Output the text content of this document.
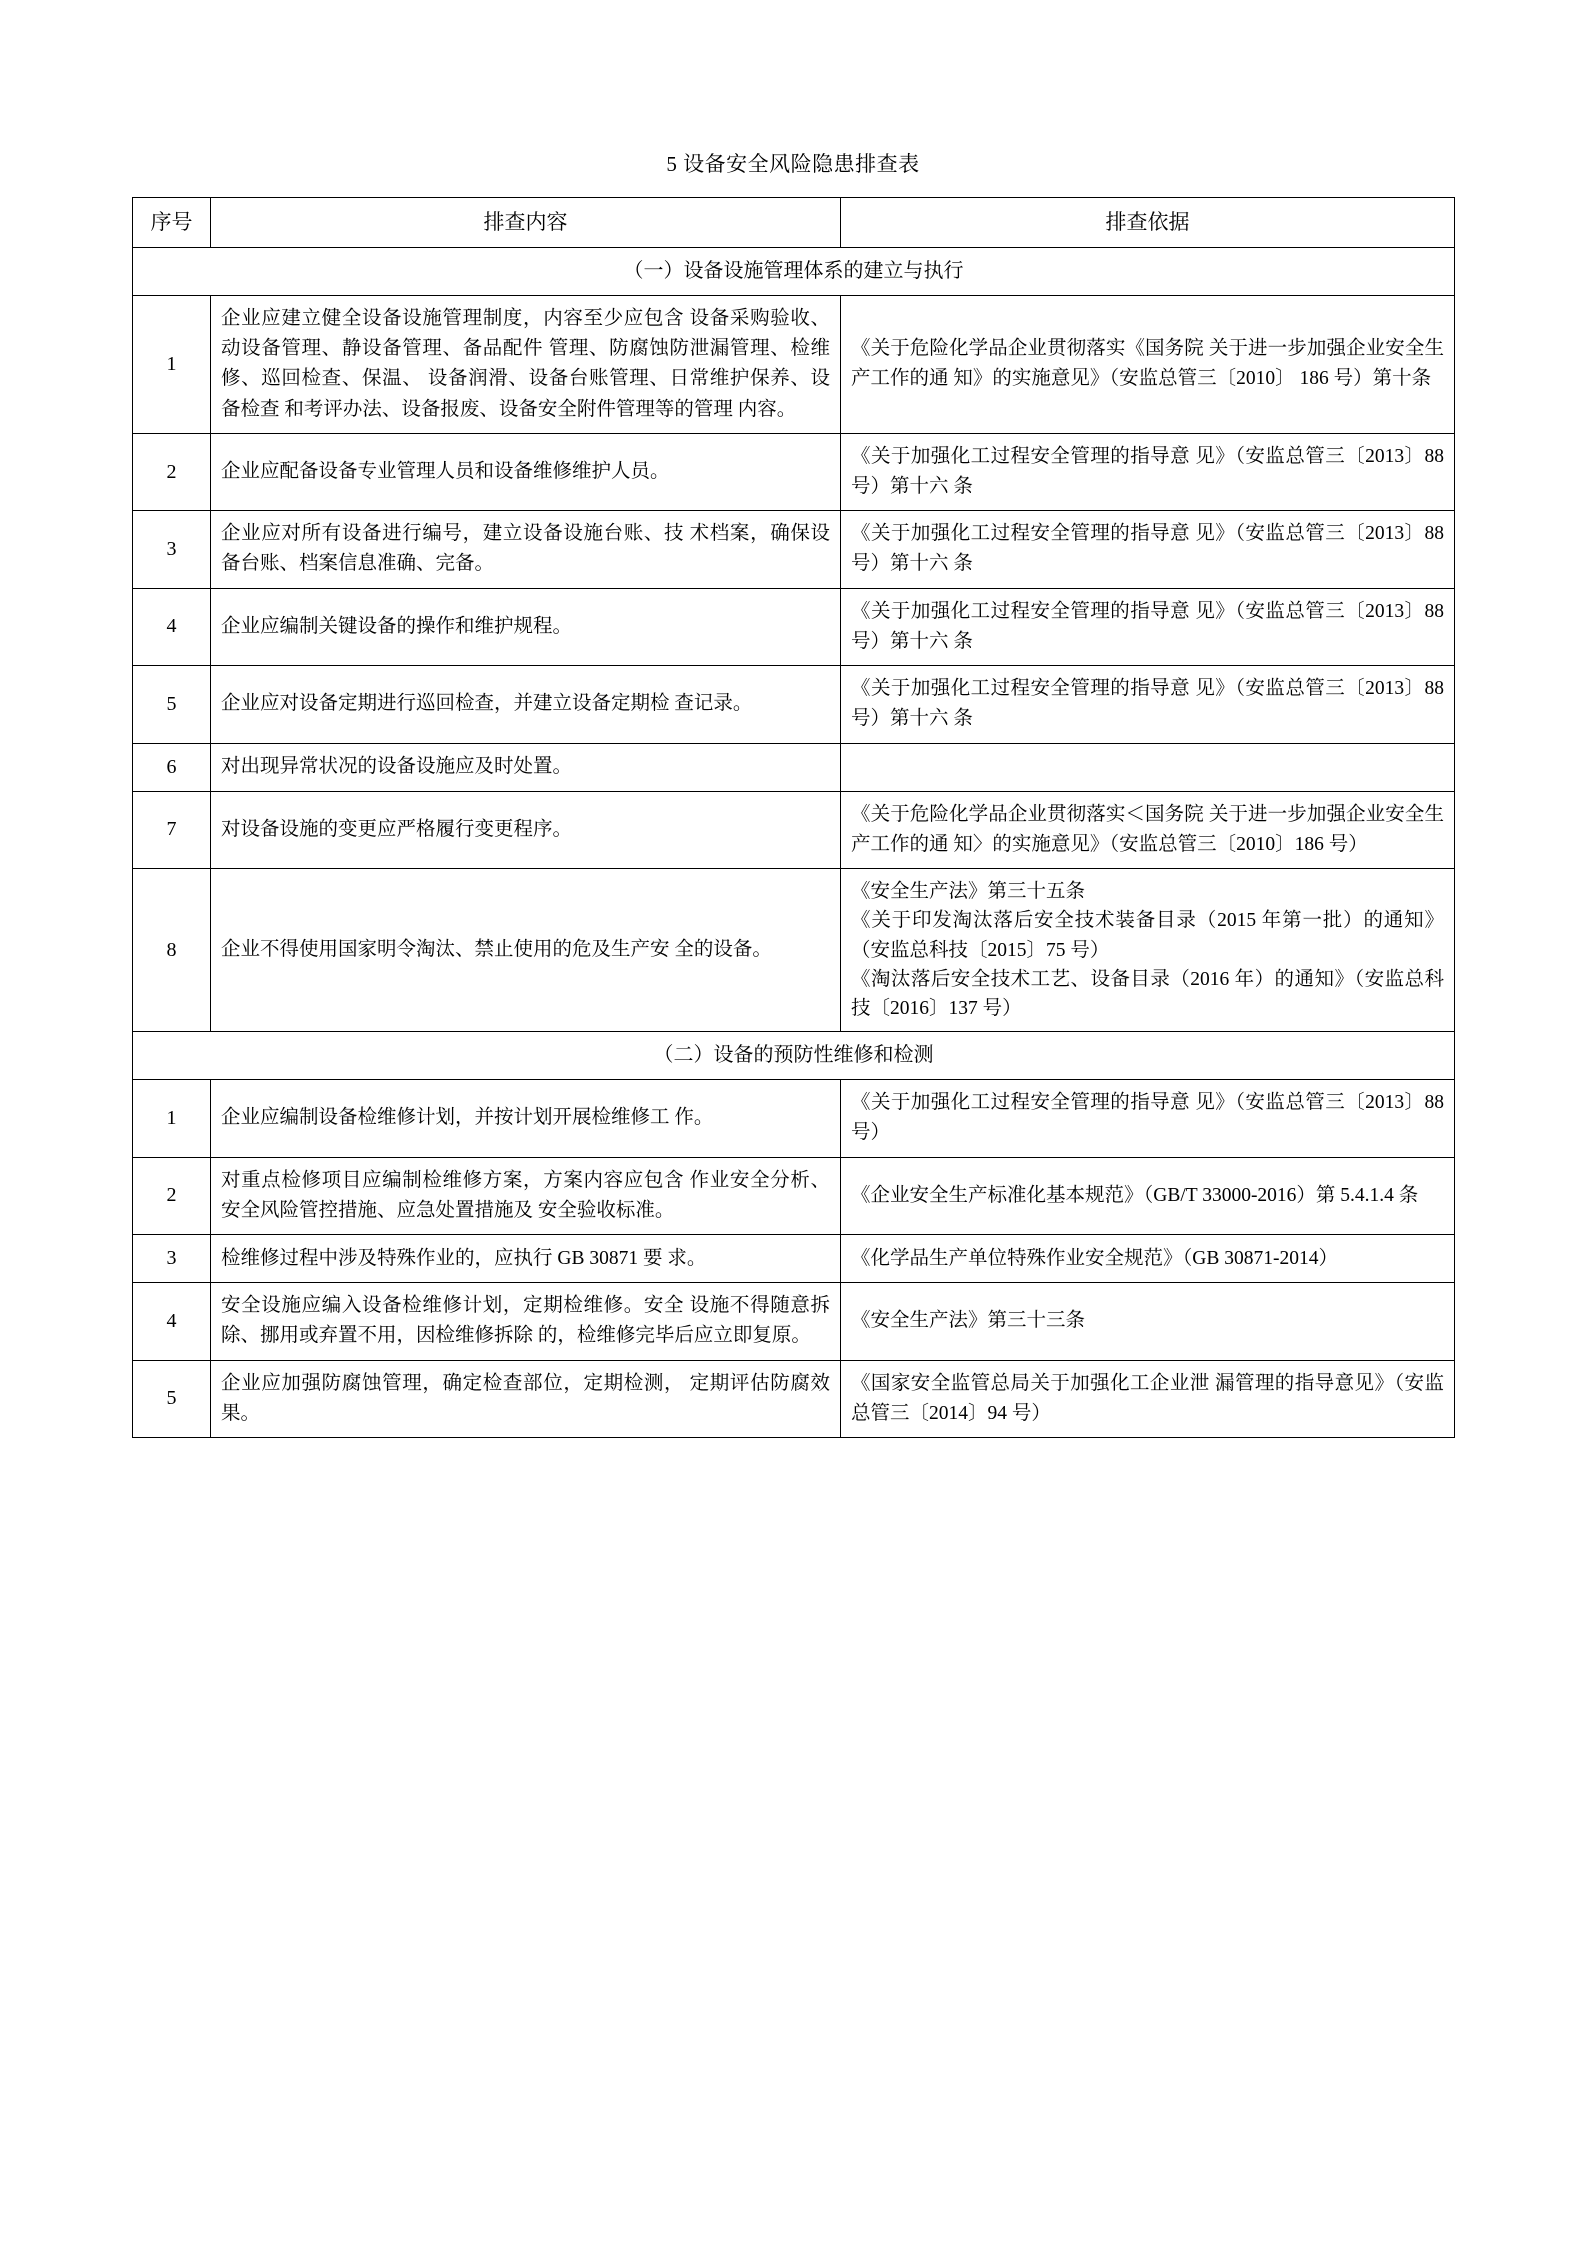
5 设备安全风险隐患排查表
序号	排查内容	排查依据
（一）设备设施管理体系的建立与执行		
1	企业应建立健全设备设施管理制度，内容至少应包含 设备采购验收、动设备管理、静设备管理、备品配件 管理、防腐蚀防泄漏管理、检维修、巡回检查、保温、 设备润滑、设备台账管理、日常维护保养、设备检查 和考评办法、设备报废、设备安全附件管理等的管理 内容。	《关于危险化学品企业贯彻落实《国务院 关于进一步加强企业安全生产工作的通 知》的实施意见》（安监总管三〔2010〕 186 号）第十条
2	企业应配备设备专业管理人员和设备维修维护人员。	《关于加强化工过程安全管理的指导意 见》（安监总管三〔2013〕88 号）第十六 条
3	企业应对所有设备进行编号，建立设备设施台账、技 术档案，确保设备台账、档案信息准确、完备。	《关于加强化工过程安全管理的指导意 见》（安监总管三〔2013〕88 号）第十六 条
4	企业应编制关键设备的操作和维护规程。	《关于加强化工过程安全管理的指导意 见》（安监总管三〔2013〕88 号）第十六 条
5	企业应对设备定期进行巡回检查，并建立设备定期检 查记录。	《关于加强化工过程安全管理的指导意 见》（安监总管三〔2013〕88 号）第十六 条
6	对出现异常状况的设备设施应及时处置。	
7	对设备设施的变更应严格履行变更程序。	《关于危险化学品企业贯彻落实＜国务院 关于进一步加强企业安全生产工作的通 知〉的实施意见》（安监总管三〔2010〕186 号）
8	企业不得使用国家明令淘汰、禁止使用的危及生产安 全的设备。	《安全生产法》第三十五条

《关于印发淘汰落后安全技术装备目录（2015 年第一批）的通知》（安监总科技〔2015〕75 号）

《淘汰落后安全技术工艺、设备目录（2016 年）的通知》（安监总科技〔2016〕137 号）

（二）设备的预防性维修和检测		
1	企业应编制设备检维修计划，并按计划开展检维修工 作。	《关于加强化工过程安全管理的指导意 见》（安监总管三〔2013〕88 号）
2	对重点检修项目应编制检维修方案，方案内容应包含 作业安全分析、安全风险管控措施、应急处置措施及 安全验收标准。	《企业安全生产标准化基本规范》（GB/T 33000-2016）第 5.4.1.4 条
3	检维修过程中涉及特殊作业的，应执行 GB 30871 要 求。	《化学品生产单位特殊作业安全规范》（GB 30871-2014）
4	安全设施应编入设备检维修计划，定期检维修。安全 设施不得随意拆除、挪用或弃置不用，因检维修拆除 的，检维修完毕后应立即复原。	《安全生产法》第三十三条
5	企业应加强防腐蚀管理，确定检查部位，定期检测， 定期评估防腐效果。	《国家安全监管总局关于加强化工企业泄 漏管理的指导意见》（安监总管三〔2014〕94 号）
